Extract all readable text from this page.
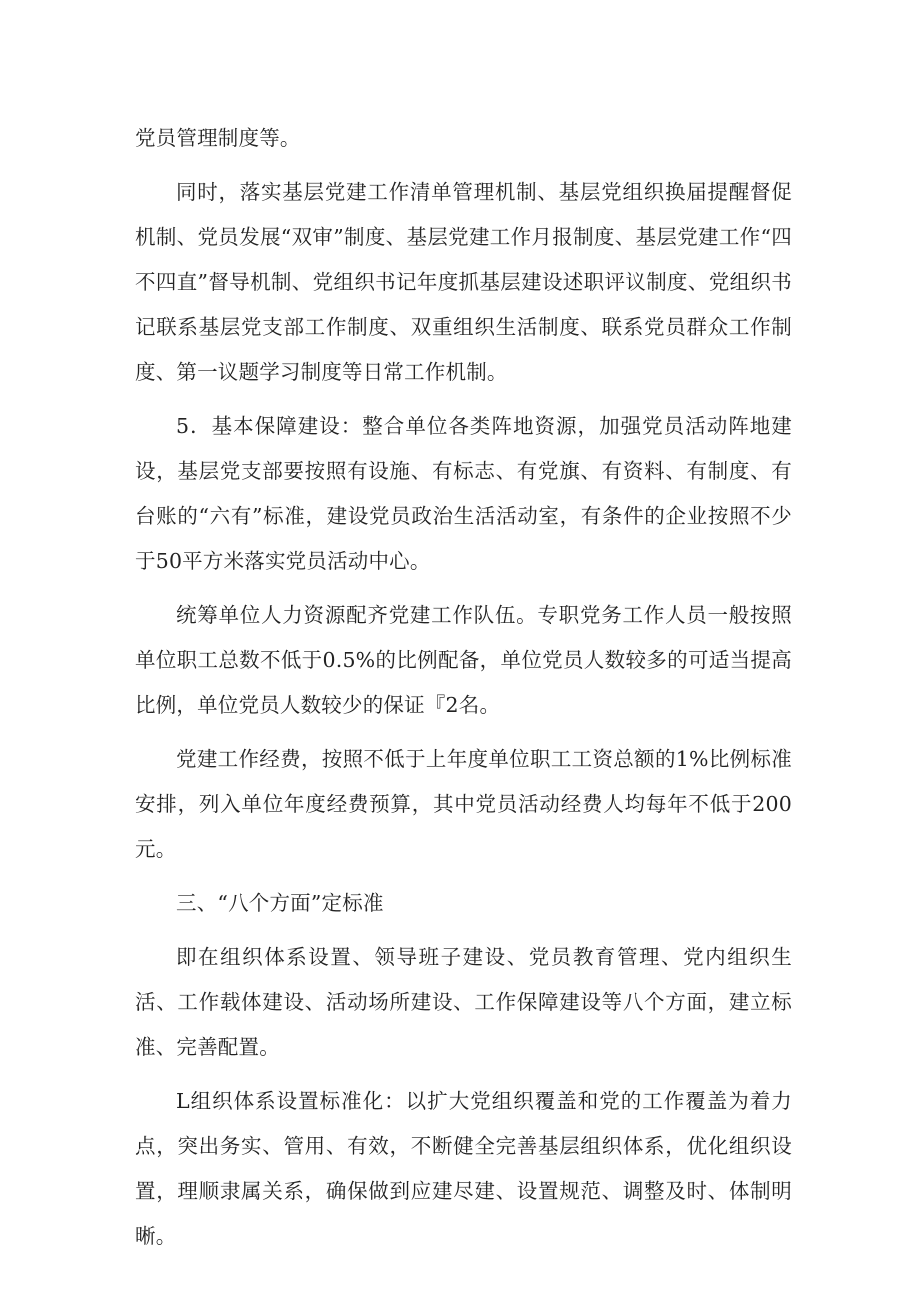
党员管理制度等。

同时，落实基层党建工作清单管理机制、基层党组织换届提醒督促机制、党员发展“双审”制度、基层党建工作月报制度、基层党建工作“四不四直”督导机制、党组织书记年度抓基层建设述职评议制度、党组织书记联系基层党支部工作制度、双重组织生活制度、联系党员群众工作制度、第一议题学习制度等日常工作机制。

5．基本保障建设：整合单位各类阵地资源，加强党员活动阵地建设，基层党支部要按照有设施、有标志、有党旗、有资料、有制度、有台账的“六有”标准，建设党员政治生活活动室，有条件的企业按照不少于50平方米落实党员活动中心。

统筹单位人力资源配齐党建工作队伍。专职党务工作人员一般按照单位职工总数不低于0.5%的比例配备，单位党员人数较多的可适当提高比例，单位党员人数较少的保证『2名。

党建工作经费，按照不低于上年度单位职工工资总额的1%比例标准安排，列入单位年度经费预算，其中党员活动经费人均每年不低于200元。

三、“八个方面”定标准

即在组织体系设置、领导班子建设、党员教育管理、党内组织生活、工作载体建设、活动场所建设、工作保障建设等八个方面，建立标准、完善配置。

L组织体系设置标准化：以扩大党组织覆盖和党的工作覆盖为着力点，突出务实、管用、有效，不断健全完善基层组织体系，优化组织设置，理顺隶属关系，确保做到应建尽建、设置规范、调整及时、体制明晰。
